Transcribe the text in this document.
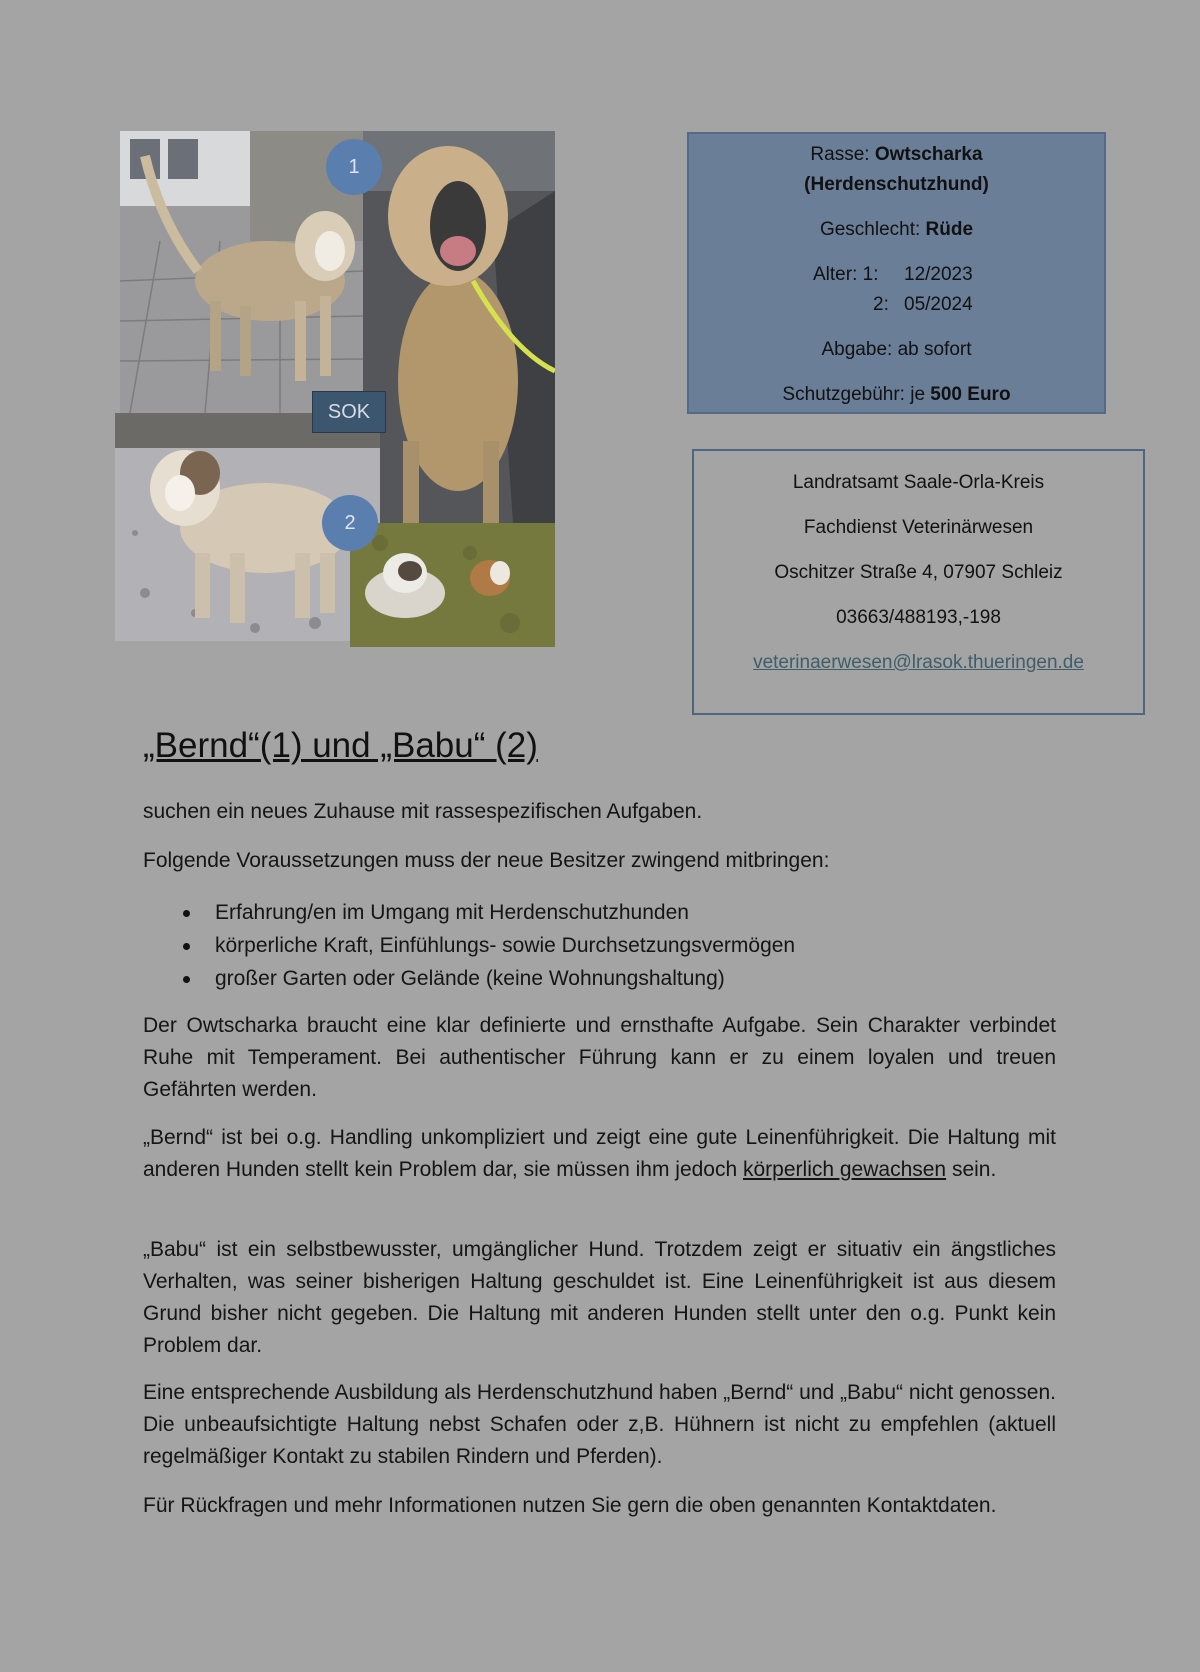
1
2
SOK
Rasse: Owtscharka
(Herdenschutzhund)
Geschlecht: Rüde
Alter: 1: 12/2023
2: 05/2024
Abgabe: ab sofort
Schutzgebühr: je 500 Euro
Landratsamt Saale-Orla-Kreis
Fachdienst Veterinärwesen
Oschitzer Straße 4, 07907 Schleiz
03663/488193,-198
veterinaerwesen@lrasok.thueringen.de
„Bernd“(1) und „Babu“ (2)

suchen ein neues Zuhause mit rassespezifischen Aufgaben.

Folgende Voraussetzungen muss der neue Besitzer zwingend mitbringen:

Erfahrung/en im Umgang mit Herdenschutzhunden
körperliche Kraft, Einfühlungs- sowie Durchsetzungsvermögen
großer Garten oder Gelände (keine Wohnungshaltung)

Der Owtscharka braucht eine klar definierte und ernsthafte Aufgabe. Sein Charakter verbindet Ruhe mit Temperament. Bei authentischer Führung kann er zu einem loyalen und treuen Gefährten werden.

„Bernd“ ist bei o.g. Handling unkompliziert und zeigt eine gute Leinenführigkeit. Die Haltung mit anderen Hunden stellt kein Problem dar, sie müssen ihm jedoch körperlich gewachsen sein.

„Babu“ ist ein selbstbewusster, umgänglicher Hund. Trotzdem zeigt er situativ ein ängstliches Verhalten, was seiner bisherigen Haltung geschuldet ist. Eine Leinenführigkeit ist aus diesem Grund bisher nicht gegeben. Die Haltung mit anderen Hunden stellt unter den o.g. Punkt kein Problem dar.

Eine entsprechende Ausbildung als Herdenschutzhund haben „Bernd“ und „Babu“ nicht genossen. Die unbeaufsichtigte Haltung nebst Schafen oder z,B. Hühnern ist nicht zu empfehlen (aktuell regelmäßiger Kontakt zu stabilen Rindern und Pferden).

Für Rückfragen und mehr Informationen nutzen Sie gern die oben genannten Kontaktdaten.
